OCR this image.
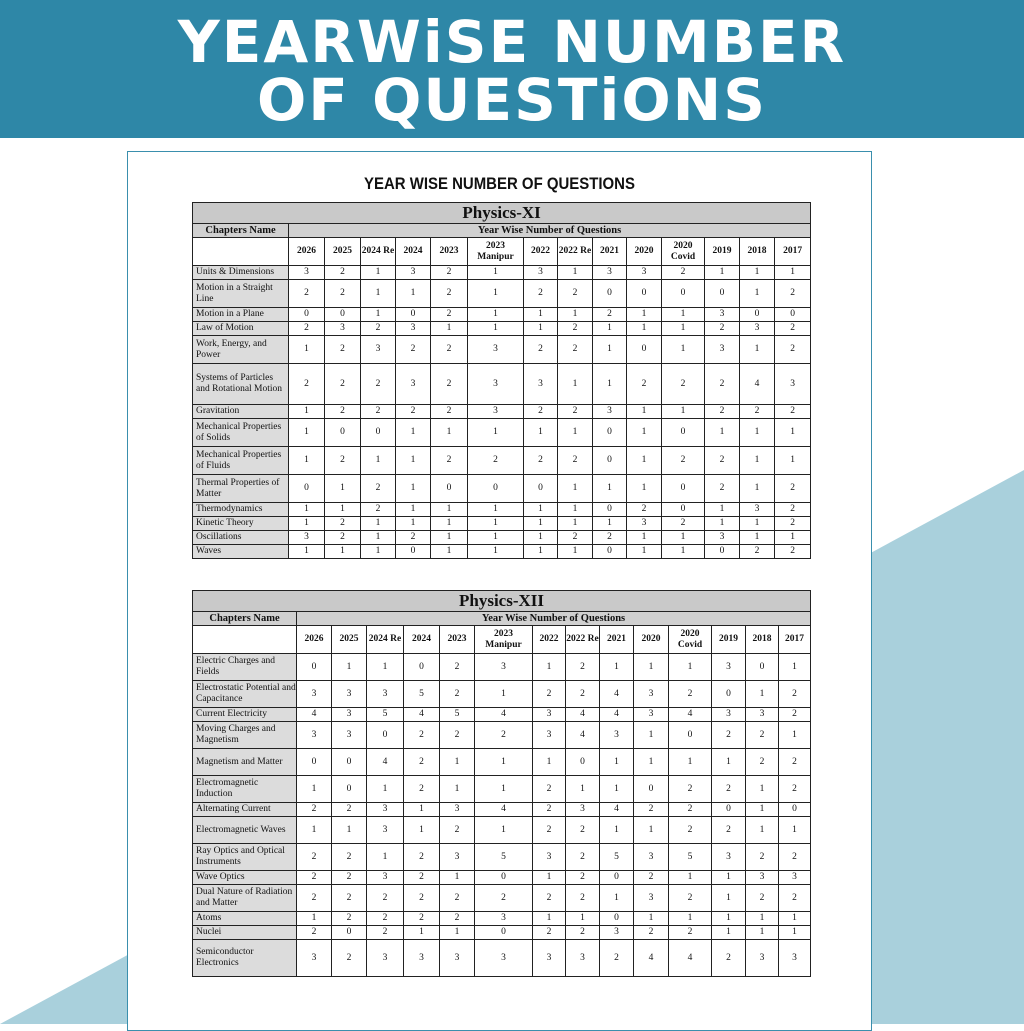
YEARWiSE NUMBER
OF QUESTiONS
YEAR WISE NUMBER OF QUESTIONS
Physics-XI														
Chapters Name	Year Wise Number of Questions													
	2026	2025	2024 Re	2024	2023	2023 Manipur	2022	2022 Re	2021	2020	2020 Covid	2019	2018	2017
Units & Dimensions	3	2	1	3	2	1	3	1	3	3	2	1	1	1
Motion in a Straight Line	2	2	1	1	2	1	2	2	0	0	0	0	1	2
Motion in a Plane	0	0	1	0	2	1	1	1	2	1	1	3	0	0
Law of Motion	2	3	2	3	1	1	1	2	1	1	1	2	3	2
Work, Energy, and Power	1	2	3	2	2	3	2	2	1	0	1	3	1	2
Systems of Particles and Rotational Motion	2	2	2	3	2	3	3	1	1	2	2	2	4	3
Gravitation	1	2	2	2	2	3	2	2	3	1	1	2	2	2
Mechanical Properties of Solids	1	0	0	1	1	1	1	1	0	1	0	1	1	1
Mechanical Properties of Fluids	1	2	1	1	2	2	2	2	0	1	2	2	1	1
Thermal Properties of Matter	0	1	2	1	0	0	0	1	1	1	0	2	1	2
Thermodynamics	1	1	2	1	1	1	1	1	0	2	0	1	3	2
Kinetic Theory	1	2	1	1	1	1	1	1	1	3	2	1	1	2
Oscillations	3	2	1	2	1	1	1	2	2	1	1	3	1	1
Waves	1	1	1	0	1	1	1	1	0	1	1	0	2	2
Physics-XII														
Chapters Name	Year Wise Number of Questions													
	2026	2025	2024 Re	2024	2023	2023 Manipur	2022	2022 Re	2021	2020	2020 Covid	2019	2018	2017
Electric Charges and Fields	0	1	1	0	2	3	1	2	1	1	1	3	0	1
Electrostatic Potential and Capacitance	3	3	3	5	2	1	2	2	4	3	2	0	1	2
Current Electricity	4	3	5	4	5	4	3	4	4	3	4	3	3	2
Moving Charges and Magnetism	3	3	0	2	2	2	3	4	3	1	0	2	2	1
Magnetism and Matter	0	0	4	2	1	1	1	0	1	1	1	1	2	2
Electromagnetic Induction	1	0	1	2	1	1	2	1	1	0	2	2	1	2
Alternating Current	2	2	3	1	3	4	2	3	4	2	2	0	1	0
Electromagnetic Waves	1	1	3	1	2	1	2	2	1	1	2	2	1	1
Ray Optics and Optical Instruments	2	2	1	2	3	5	3	2	5	3	5	3	2	2
Wave Optics	2	2	3	2	1	0	1	2	0	2	1	1	3	3
Dual Nature of Radiation and Matter	2	2	2	2	2	2	2	2	1	3	2	1	2	2
Atoms	1	2	2	2	2	3	1	1	0	1	1	1	1	1
Nuclei	2	0	2	1	1	0	2	2	3	2	2	1	1	1
Semiconductor Electronics	3	2	3	3	3	3	3	3	2	4	4	2	3	3
